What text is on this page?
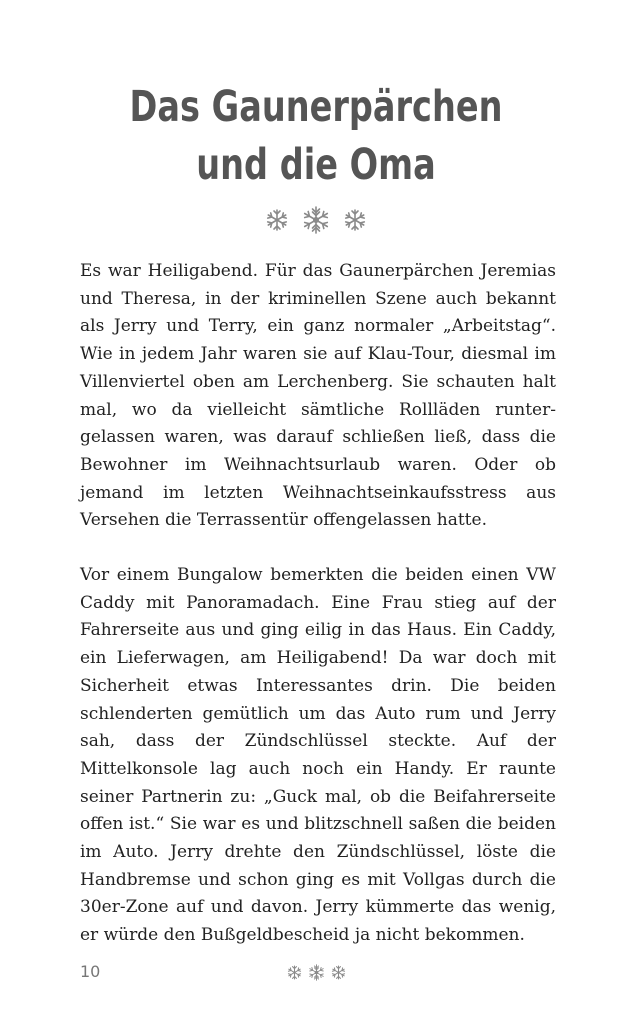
Das Gaunerpärchen
und die Oma

Es war Heiligabend. Für das Gaunerpärchen Jeremias und Theresa, in der kriminellen Szene auch bekannt als Jerry und Terry, ein ganz normaler „Arbeitstag“. Wie in jedem Jahr waren sie auf Klau-Tour, diesmal im Villenviertel oben am Lerchenberg. Sie schauten halt mal, wo da vielleicht sämtliche Rollläden runtergelassen waren, was darauf schließen ließ, dass die Bewohner im Weihnachtsurlaub waren. Oder ob jemand im letzten Weihnachtseinkaufsstress aus Versehen die Terrassentür offengelassen hatte.

Vor einem Bungalow bemerkten die beiden einen VW Caddy mit Panoramadach. Eine Frau stieg auf der Fahrerseite aus und ging eilig in das Haus. Ein Caddy, ein Lieferwagen, am Heiligabend! Da war doch mit Sicherheit etwas Interessantes drin. Die beiden schlenderten gemütlich um das Auto rum und Jerry sah, dass der Zündschlüssel steckte. Auf der Mittelkonsole lag auch noch ein Handy. Er raunte seiner Partnerin zu: „Guck mal, ob die Beifahrerseite offen ist.“ Sie war es und blitzschnell saßen die beiden im Auto. Jerry drehte den Zündschlüssel, löste die Handbremse und schon ging es mit Vollgas durch die 30er-Zone auf und davon. Jerry kümmerte das wenig, er würde den Bußgeldbescheid ja nicht bekommen.

10
